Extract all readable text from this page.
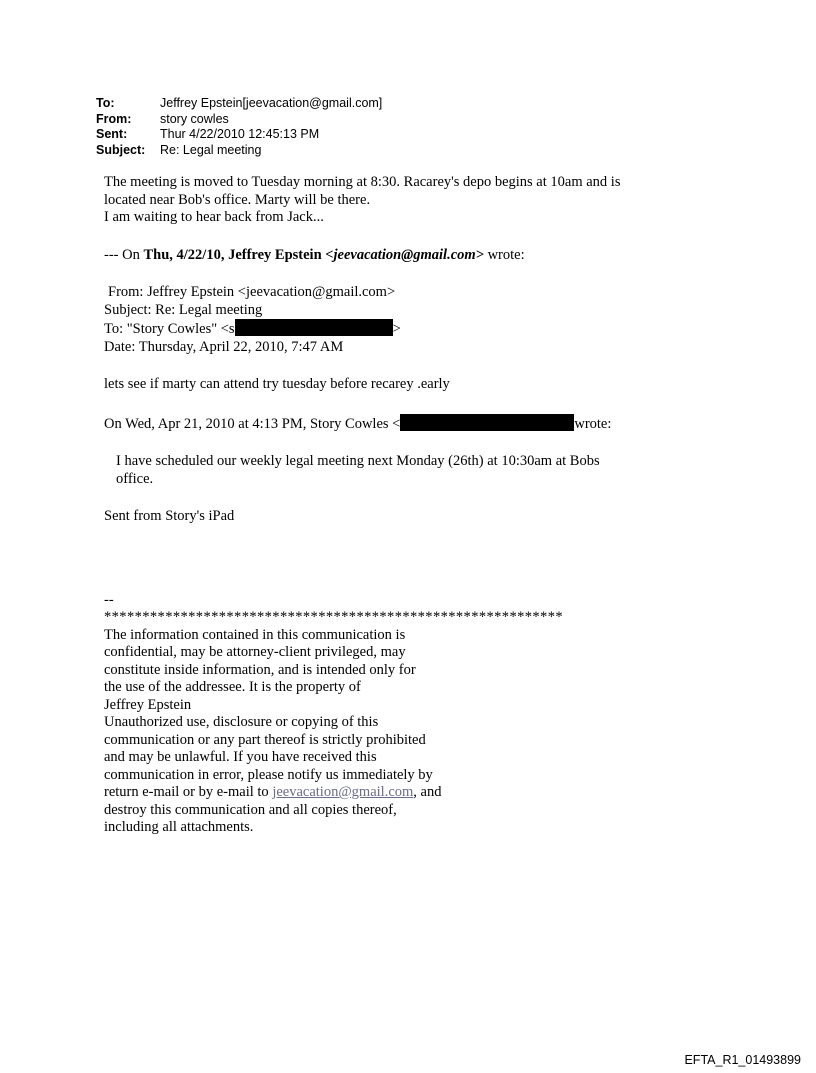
To:	Jeffrey Epstein[jeevacation@gmail.com]
From:	story cowles
Sent:	Thur 4/22/2010 12:45:13 PM
Subject:	Re: Legal meeting
The meeting is moved to Tuesday morning at 8:30. Racarey's depo begins at 10am and is
located near Bob's office. Marty will be there.
I am waiting to hear back from Jack...
--- On Thu, 4/22/10, Jeffrey Epstein <jeevacation@gmail.com> wrote:
From: Jeffrey Epstein <jeevacation@gmail.com>
Subject: Re: Legal meeting
To: "Story Cowles" <s	>
Date: Thursday, April 22, 2010, 7:47 AM
lets see if marty can attend try tuesday before recarey .early
On Wed, Apr 21, 2010 at 4:13 PM, Story Cowles <	wrote:
I have scheduled our weekly legal meeting next Monday (26th) at 10:30am at Bobs
office.
Sent from Story's iPad
--
************************************************************
The information contained in this communication is
confidential, may be attorney-client privileged, may
constitute inside information, and is intended only for
the use of the addressee. It is the property of
Jeffrey Epstein
Unauthorized use, disclosure or copying of this
communication or any part thereof is strictly prohibited
and may be unlawful. If you have received this
communication in error, please notify us immediately by
return e-mail or by e-mail to jeevacation@gmail.com, and
destroy this communication and all copies thereof,
including all attachments.
EFTA_R1_01493899
